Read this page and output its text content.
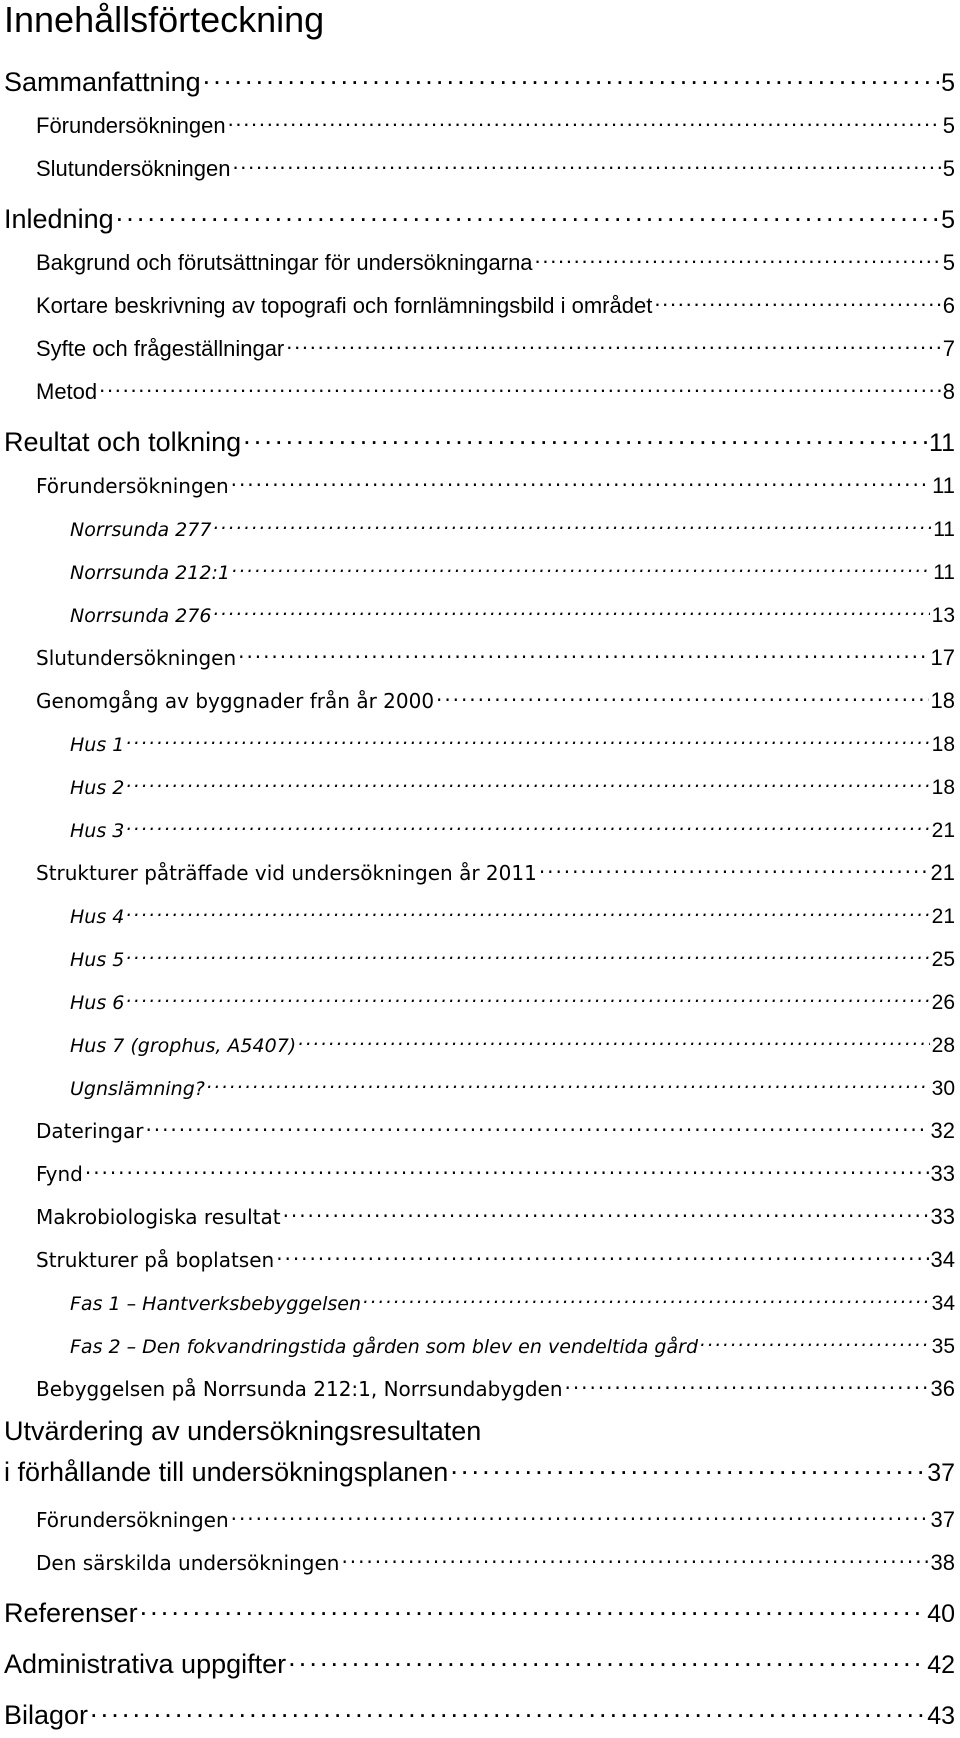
Innehållsförteckning
Sammanfattning . . .	5
Förundersökningen . . .	5
Slutundersökningen . . .	5
Inledning . . .	5
Bakgrund och förutsättningar för undersökningarna . . .	5
Kortare beskrivning av topografi och fornlämningsbild i området . . .	6
Syfte och frågeställningar . . .	7
Metod . . .	8
Reultat och tolkning . . .	11
Förundersökningen . . .	11
Norrsunda 277 . . .	11
Norrsunda 212:1 . . .	11
Norrsunda 276 . . .	13
Slutundersökningen . . .	17
Genomgång av byggnader från år 2000 . . .	18
Hus 1 . . .	18
Hus 2 . . .	18
Hus 3 . . .	21
Strukturer påträffade vid undersökningen år 2011 . . .	21
Hus 4 . . .	21
Hus 5 . . .	25
Hus 6 . . .	26
Hus 7 (grophus, A5407) . . .	28
Ugnslämning? . . .	30
Dateringar . . .	32
Fynd . . .	33
Makrobiologiska resultat . . .	33
Strukturer på boplatsen . . .	34
Fas 1 – Hantverksbebyggelsen . . .	34
Fas 2 – Den fokvandringstida gården som blev en vendeltida gård . . .	35
Bebyggelsen på Norrsunda 212:1, Norrsundabygden . . .	36
Utvärdering av undersökningsresultaten
i förhållande till undersökningsplanen . . .	37
Förundersökningen . . .	37
Den särskilda undersökningen . . .	38
Referenser . . .	40
Administrativa uppgifter . . .	42
Bilagor . . .	43
